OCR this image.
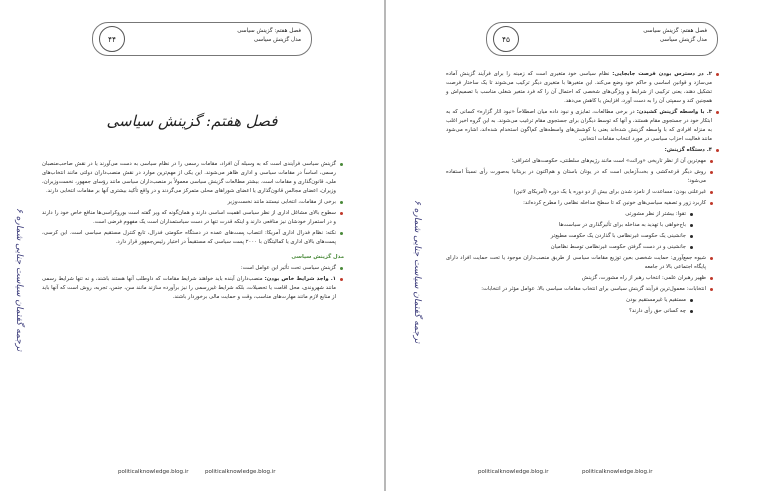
فصل هفتم: گزینش سیاسی
مدل گزینش سیاسی
۴۴
ترجمه گفتمان سیاست جنایی شماره ۶
فصل هفتم: گزینش سیاسی

گزینش سیاسی فرآیندی است که به وسیله آن افراد، مقامات رسمی را در نظام سیاسی به دست می‌آورند یا در نقش صاحب‌منصبان رسمی، اساساً در مقامات سیاسی و اداری ظاهر می‌شوند. این یکی از مهم‌ترین موارد در نقش منصب‌داران دولتی مانند انتخاب‌های ملی، قانون‌گذاری و مقامات است. بیشتر مطالعات گزینش سیاسی معمولاً بر منصب‌داران سیاسی مانند رؤسای جمهور، نخست‌وزیران، وزیران، اعضای مجالس قانون‌گذاری یا اعضای شوراهای محلی متمرکز می‌گردند و در واقع تأکید بیشتری آنها بر مقامات انتخابی دارند.

برخی از مقامات، انتخابی نیستند مانند نخست‌وزیر

سطوح بالای مشاغل اداری از نظر سیاسی اهمیت اساسی دارند و همان‌گونه که ویر گفته است بوروکراسی‌ها منافع خاص خود را دارند و در استمرار خودشان نیز منافعی دارند و اینکه قدرت تنها در دست سیاستمداران است یک مفهوم فرضی است.

نکته: نظام فدرال اداری آمریکا: انتصاب پست‌های عمده در دستگاه حکومتی فدرال، تابع کنترل مستقیم سیاسی است. این کرسی، پست‌های بالای اداری یا کمالیتگان با ۲۰۰۰ پست سیاسی که مستقیماً در اختیار رئیس‌جمهور قرار دارد.

مدل گزینش سیاسی

گزینش سیاسی تحت تأثیر این عوامل است:

۱. واجد شرایط خاص بودن: منصب‌داران آینده باید خواهند شرایط مقامات که داوطلب آنها هستند باشند، و نه تنها شرایط رسمی مانند شهروندی، محل اقامت یا تحصیلات، بلکه شرایط غیررسمی را نیز برآورده سازند مانند سن، جنس، تجربه، روش است که آنها باید از منابع لازم مانند مهارت‌های مناسب، وقت و حمایت مالی برخوردار باشند.

politicalknowledge.blog.ir	politicalknowledge.blog.ir
فصل هفتم: گزینش سیاسی
مدل گزینش سیاسی
۴۵
ترجمه گفتمان سیاست جنایی شماره ۶

۲. در دسترس بودن فرصت جابجایی: نظام سیاسی خود متغیری است که زمینه را برای فرآیند گزینش آماده می‌سازد و قوانین اساسی و حاکم خود وضع می‌کند. این متغیرها با متغیری دیگر ترکیب می‌شوند تا یک ساختار فرصت تشکیل دهند، یعنی ترکیبی از شرایط و ویژگی‌های شخصی که احتمال آن را که فرد متغیر شغلی مناسب با تصمیم‌اش و همچنین کند و سمپتی آن را به دست آورد، افزایش یا کاهش می‌دهد.

۳. با واسطه گزینش کشیدن: در برخی مطالعات، تمایزی و نبود داده میان اصطلاحاً «نبود اثار گزاره» کسانی که به ابتکار خود در جستجوی مقام هستند، و آنها که توسط دیگران برای جستجوی مقام ترغیب می‌شوند. به این گروه اخیر اغلب به منزله افرادی که با واسطه گزینش شده‌اند یعنی با کوشش‌های واسطه‌های کم‌اگون استخدام شده‌اند، اشاره می‌شود مانند فعالیت احزاب سیاسی در مورد انتخاب مقامات انتخابی.

۴. دستگاه گزینش:

مهم‌ترین آن از نظر تاریخی «وراثت» است مانند رژیم‌های سلطنتی، حکومت‌های اشرافی؛

روش دیگر قرعه‌کشی و بخت‌آزمایی است که در یونان باستان و هم‌اکنون در بریتانیا به‌صورت رأی نسبتاً استفاده می‌شود؛

غیرعلنی بودن: مساعدت از نامزد شدن برای بیش از دو دوره یا یک دوره (آمریکای لاتین)

کاربرد زور و تصفیه سیاسی‌های خونین که تا سطح مداخله نظامی را مطرح کرده‌اند:

تقوا: بیشتر از نظر مشورتی

باج‌خواهی با تهدید به مداخله برای تأثیرگذاری در سیاست‌ها

جانشینی یک حکومت غیرنظامی با گذاردن یک حکومت مطیع‌تر

جانشینی و در دست گرفتن حکومت غیرنظامی توسط نظامیان

شیوه جمع‌آوری: حمایت شخصی بعین توزیع مقامات سیاسی از طریق منصب‌داران موجود یا تحت حمایت افراد دارای پایگاه اجتماعی بالا در جامعه

ظهیر رهبران علمی: انتخاب رهبر از راه مشورت، گزینش

انتخابات: معمول‌ترین فرآیند گزینش سیاسی برای انتخاب مقامات سیاسی بالا. عوامل مؤثر در انتخابات:

مستقیم یا غیرمستقیم بودن

چه کسانی حق رأی دارند؟

politicalknowledge.blog.ir	politicalknowledge.blog.ir
